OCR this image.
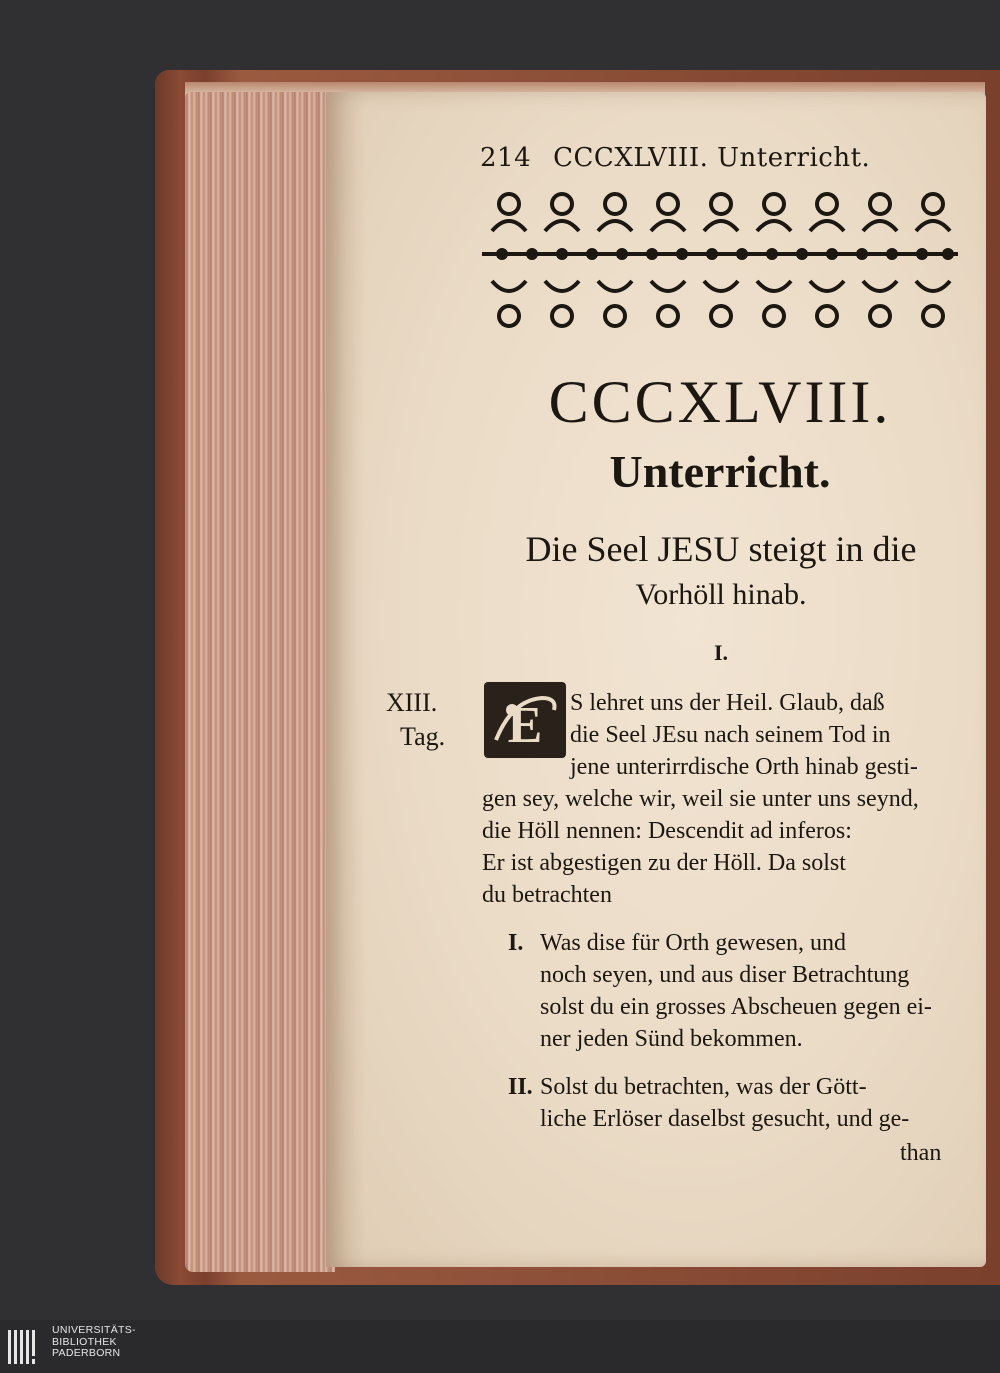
214 CCCXLVIII. Unterricht.
CCCXLVIII.
Unterricht.
Die Seel JESU steigt in die
Vorhöll hinab.
I.
XIII.
Tag. E S lehret uns der Heil. Glaub, daß
die Seel JEsu nach seinem Tod in
jene unterirrdische Orth hinab gesti-
gen sey, welche wir, weil sie unter uns seynd,
die Höll nennen: Descendit ad inferos:
Er ist abgestigen zu der Höll. Da solst
du betrachten
I. Was dise für Orth gewesen, und
noch seyen, und aus diser Betrachtung
solst du ein grosses Abscheuen gegen ei-
ner jeden Sünd bekommen.
II. Solst du betrachten, was der Gött-
liche Erlöser daselbst gesucht, und ge-
than
UNIVERSITÄTS-
BIBLIOTHEK
PADERBORN
